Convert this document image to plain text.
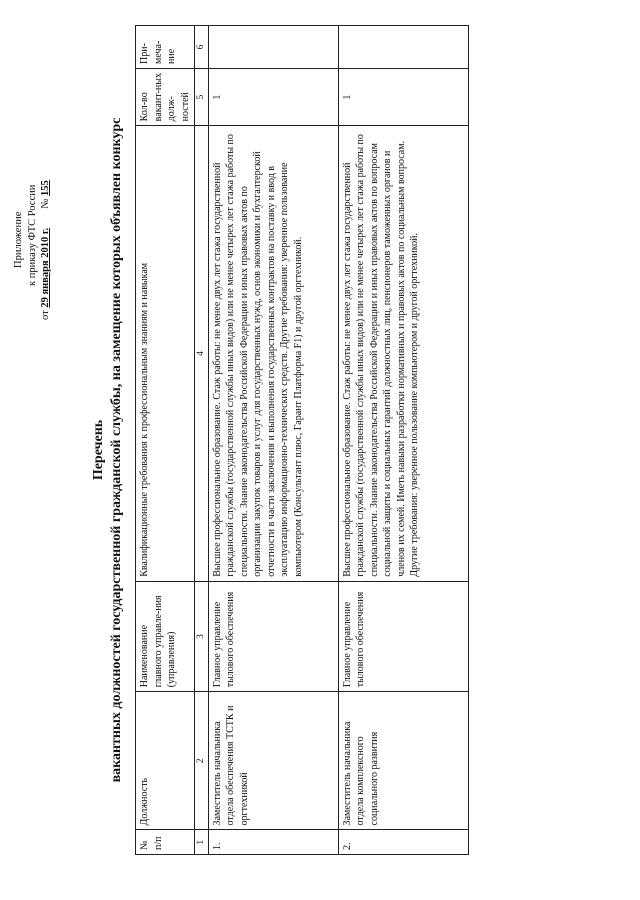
Приложение к приказу ФТС России
от 29 января 2010 г.  № 155
Перечень вакантных должностей государственной гражданской службы, на замещение которых объявлен конкурс
№ п/п	Должность	Наименование главного управле-ния (управления)	Квалификационные требования к профессиональным знаниям и навыкам	Кол-во вакант-ных долж-ностей	При-меча-ние
1	2	3	4	5	6
1.	Заместитель начальника отдела обеспечения ТСТК и оргтехникой	Главное управление тылового обеспечения	Высшее профессиональное образование. Стаж работы: не менее двух лет стажа государственной гражданской службы (государственной службы иных видов) или не менее четырех лет стажа работы по специальности. Знание законодательства Российской Федерации и иных правовых актов по организации закупок товаров и услуг для государственных нужд, основ экономики и бухгалтерской отчетности в части заключения и выполнения государственных контрактов на поставку и ввод в эксплуатацию информационно-технических средств. Другие требования: уверенное пользование компьютером (Консультант плюс, Гарант Платформа F1) и другой оргтехникой.	1	
2.	Заместитель начальника отдела комплексного социального развития	Главное управление тылового обеспечения	Высшее профессиональное образование. Стаж работы: не менее двух лет стажа государственной гражданской службы (государственной службы иных видов) или не менее четырех лет стажа работы по специальности. Знание законодательства Российской Федерации и иных правовых актов по вопросам социальной защиты и социальных гарантий должностных лиц, пенсионеров таможенных органов и членов их семей. Иметь навыки разработки нормативных и правовых актов по социальным вопросам. Другие требования: уверенное пользование компьютером и другой оргтехникой.	1	
